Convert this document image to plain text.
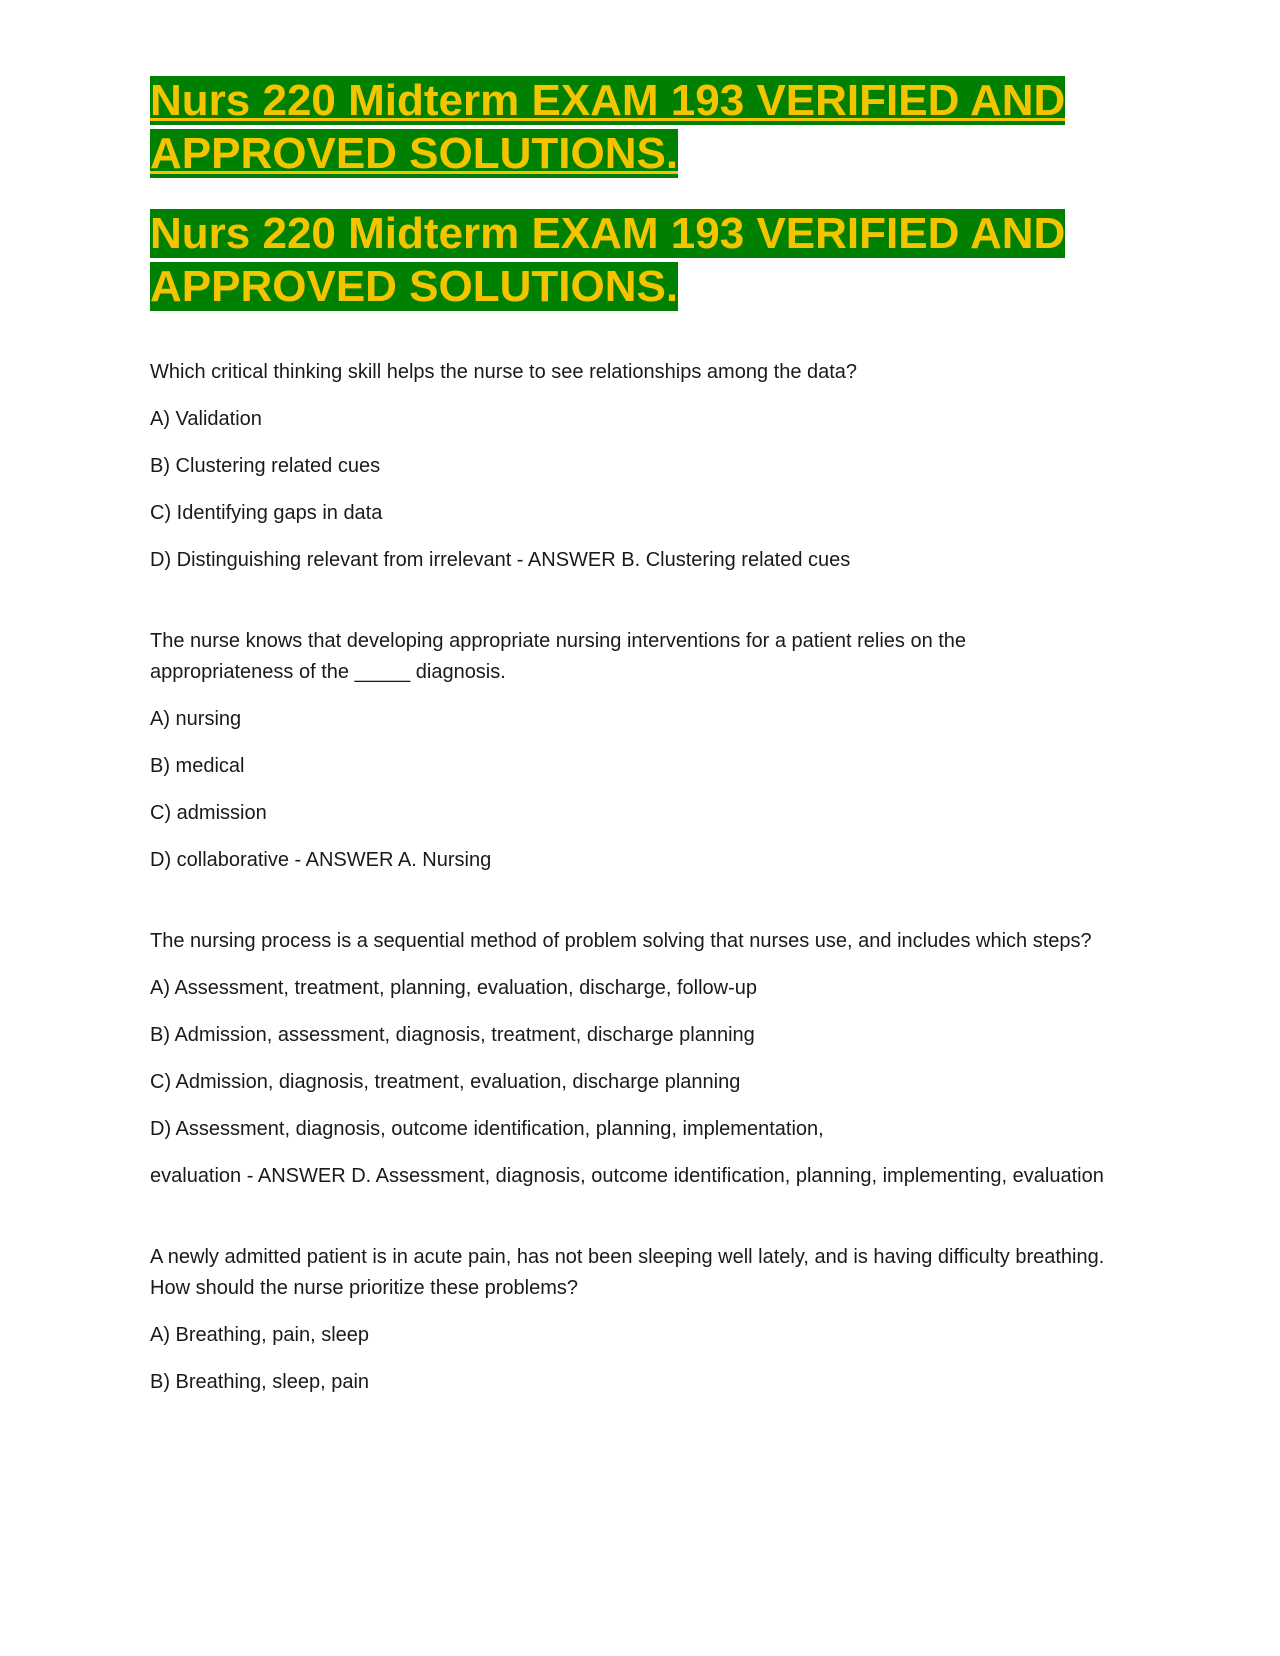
Nurs 220 Midterm EXAM 193 VERIFIED AND
APPROVED SOLUTIONS.
Nurs 220 Midterm EXAM 193 VERIFIED AND
APPROVED SOLUTIONS.

Which critical thinking skill helps the nurse to see relationships among the data?

A) Validation

B) Clustering related cues

C) Identifying gaps in data

D) Distinguishing relevant from irrelevant - ANSWER B. Clustering related cues

The nurse knows that developing appropriate nursing interventions for a patient relies on the appropriateness of the _____ diagnosis.

A) nursing

B) medical

C) admission

D) collaborative - ANSWER A. Nursing

The nursing process is a sequential method of problem solving that nurses use, and includes which steps?

A) Assessment, treatment, planning, evaluation, discharge, follow-up

B) Admission, assessment, diagnosis, treatment, discharge planning

C) Admission, diagnosis, treatment, evaluation, discharge planning

D) Assessment, diagnosis, outcome identification, planning, implementation,

evaluation - ANSWER D. Assessment, diagnosis, outcome identification, planning, implementing, evaluation

A newly admitted patient is in acute pain, has not been sleeping well lately, and is having difficulty breathing. How should the nurse prioritize these problems?

A) Breathing, pain, sleep

B) Breathing, sleep, pain
